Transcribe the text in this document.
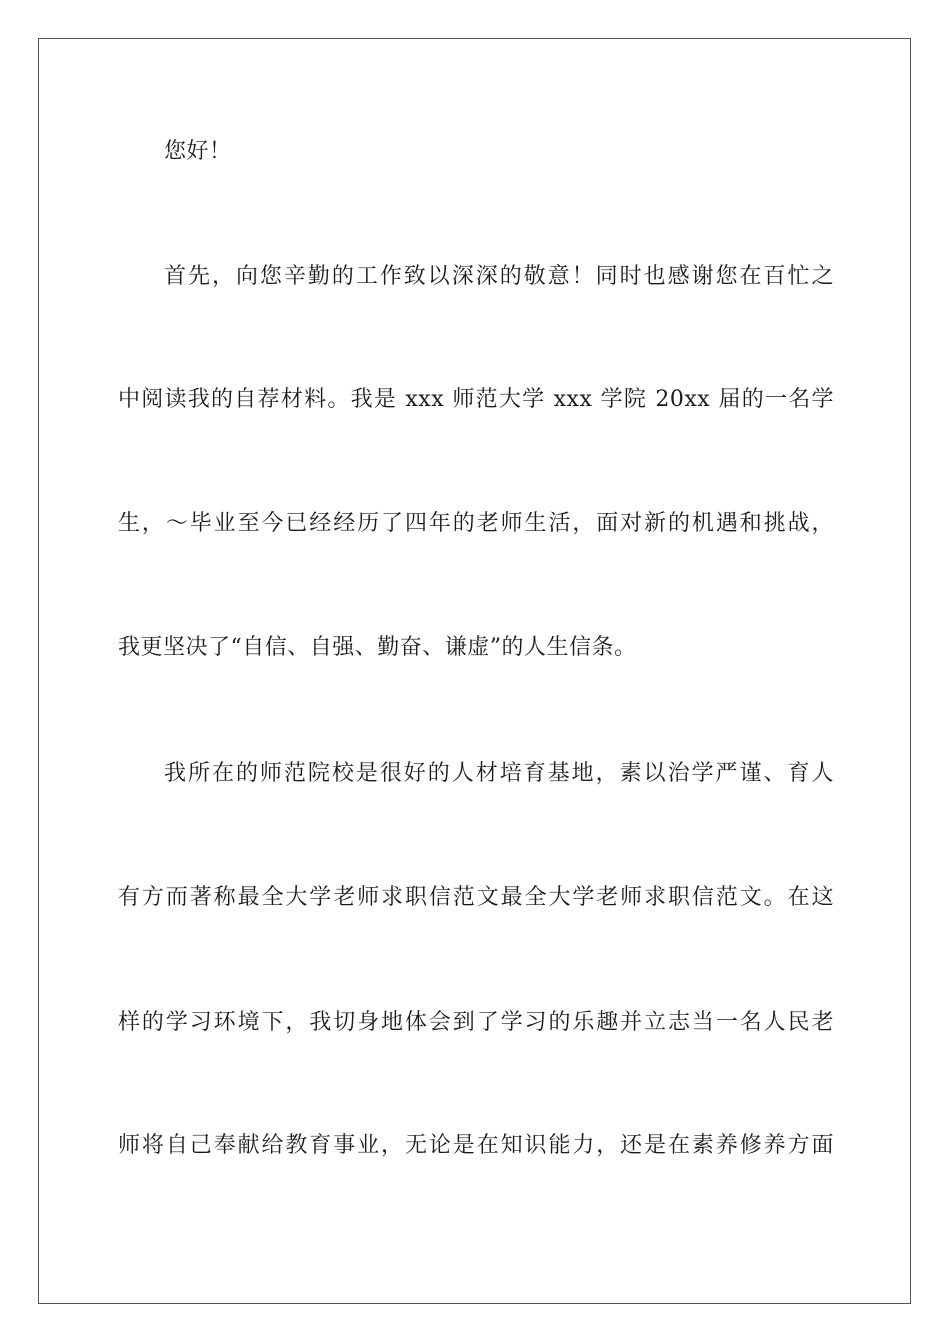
您好！
首先，向您辛勤的工作致以深深的敬意！同时也感谢您在百忙之
中阅读我的自荐材料。我是 xxx 师范大学 xxx 学院 20xx 届的一名学
生，～毕业至今已经经历了四年的老师生活，面对新的机遇和挑战，
我更坚决了“自信、自强、勤奋、谦虚”的人生信条。
我所在的师范院校是很好的人材培育基地，素以治学严谨、育人
有方而著称最全大学老师求职信范文最全大学老师求职信范文。在这
样的学习环境下，我切身地体会到了学习的乐趣并立志当一名人民老
师将自己奉献给教育事业，无论是在知识能力，还是在素养修养方面
